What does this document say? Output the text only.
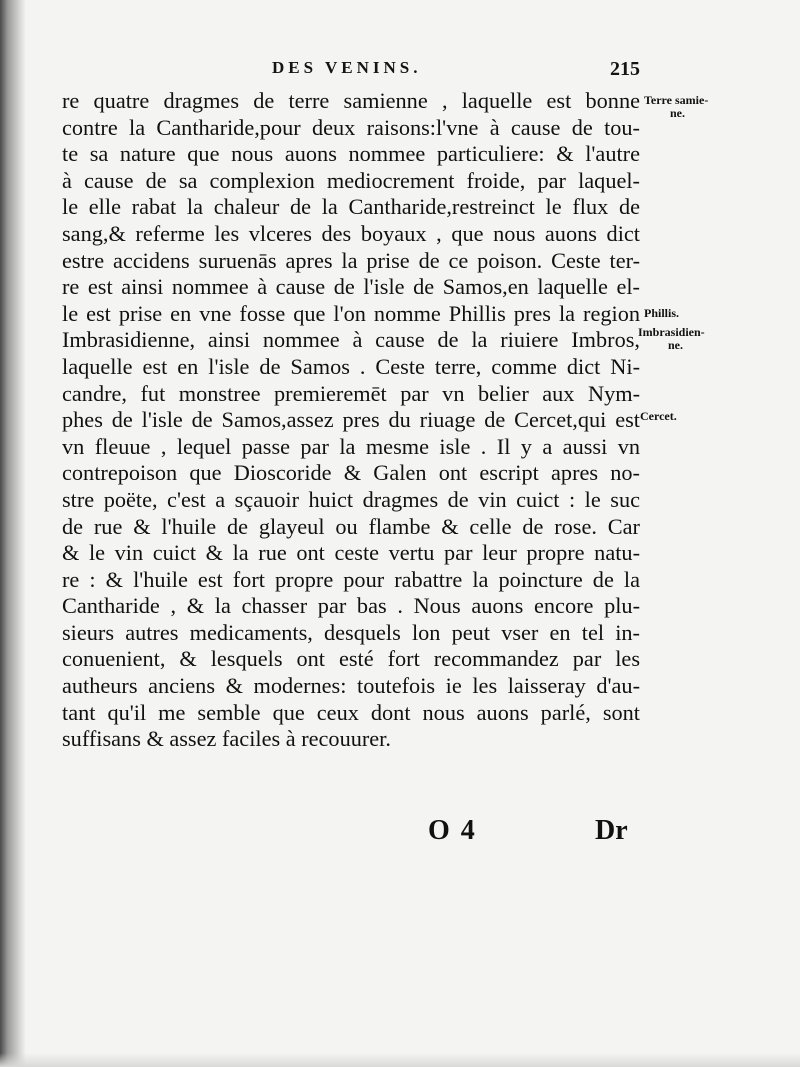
DES VENINS.	215
re quatre dragmes de terre samienne , laquelle est bonne
contre la Cantharide,pour deux raisons:l'vne à cause de tou-
te sa nature que nous auons nommee particuliere: & l'autre
à cause de sa complexion mediocrement froide, par laquel-
le elle rabat la chaleur de la Cantharide,restreinct le flux de
sang,& referme les vlceres des boyaux , que nous auons dict
estre accidens suruenās apres la prise de ce poison. Ceste ter-
re est ainsi nommee à cause de l'isle de Samos,en laquelle el-
le est prise en vne fosse que l'on nomme Phillis pres la region
Imbrasidienne, ainsi nommee à cause de la riuiere Imbros,
laquelle est en l'isle de Samos . Ceste terre, comme dict Ni-
candre, fut monstree premieremēt par vn belier aux Nym-
phes de l'isle de Samos,assez pres du riuage de Cercet,qui est
vn fleuue , lequel passe par la mesme isle . Il y a aussi vn
contrepoison que Dioscoride & Galen ont escript apres no-
stre poëte, c'est a sçauoir huict dragmes de vin cuict : le suc
de rue & l'huile de glayeul ou flambe & celle de rose. Car
& le vin cuict & la rue ont ceste vertu par leur propre natu-
re : & l'huile est fort propre pour rabattre la poincture de la
Cantharide , & la chasser par bas . Nous auons encore plu-
sieurs autres medicaments, desquels lon peut vser en tel in-
conuenient, & lesquels ont esté fort recommandez par les
autheurs anciens & modernes: toutefois ie les laisseray d'au-
tant qu'il me semble que ceux dont nous auons parlé, sont
suffisans & assez faciles à recouurer.
Terre samie-
ne.
Phillis.
Imbrasidien-
ne.
Cercet.
O 4	Dr
